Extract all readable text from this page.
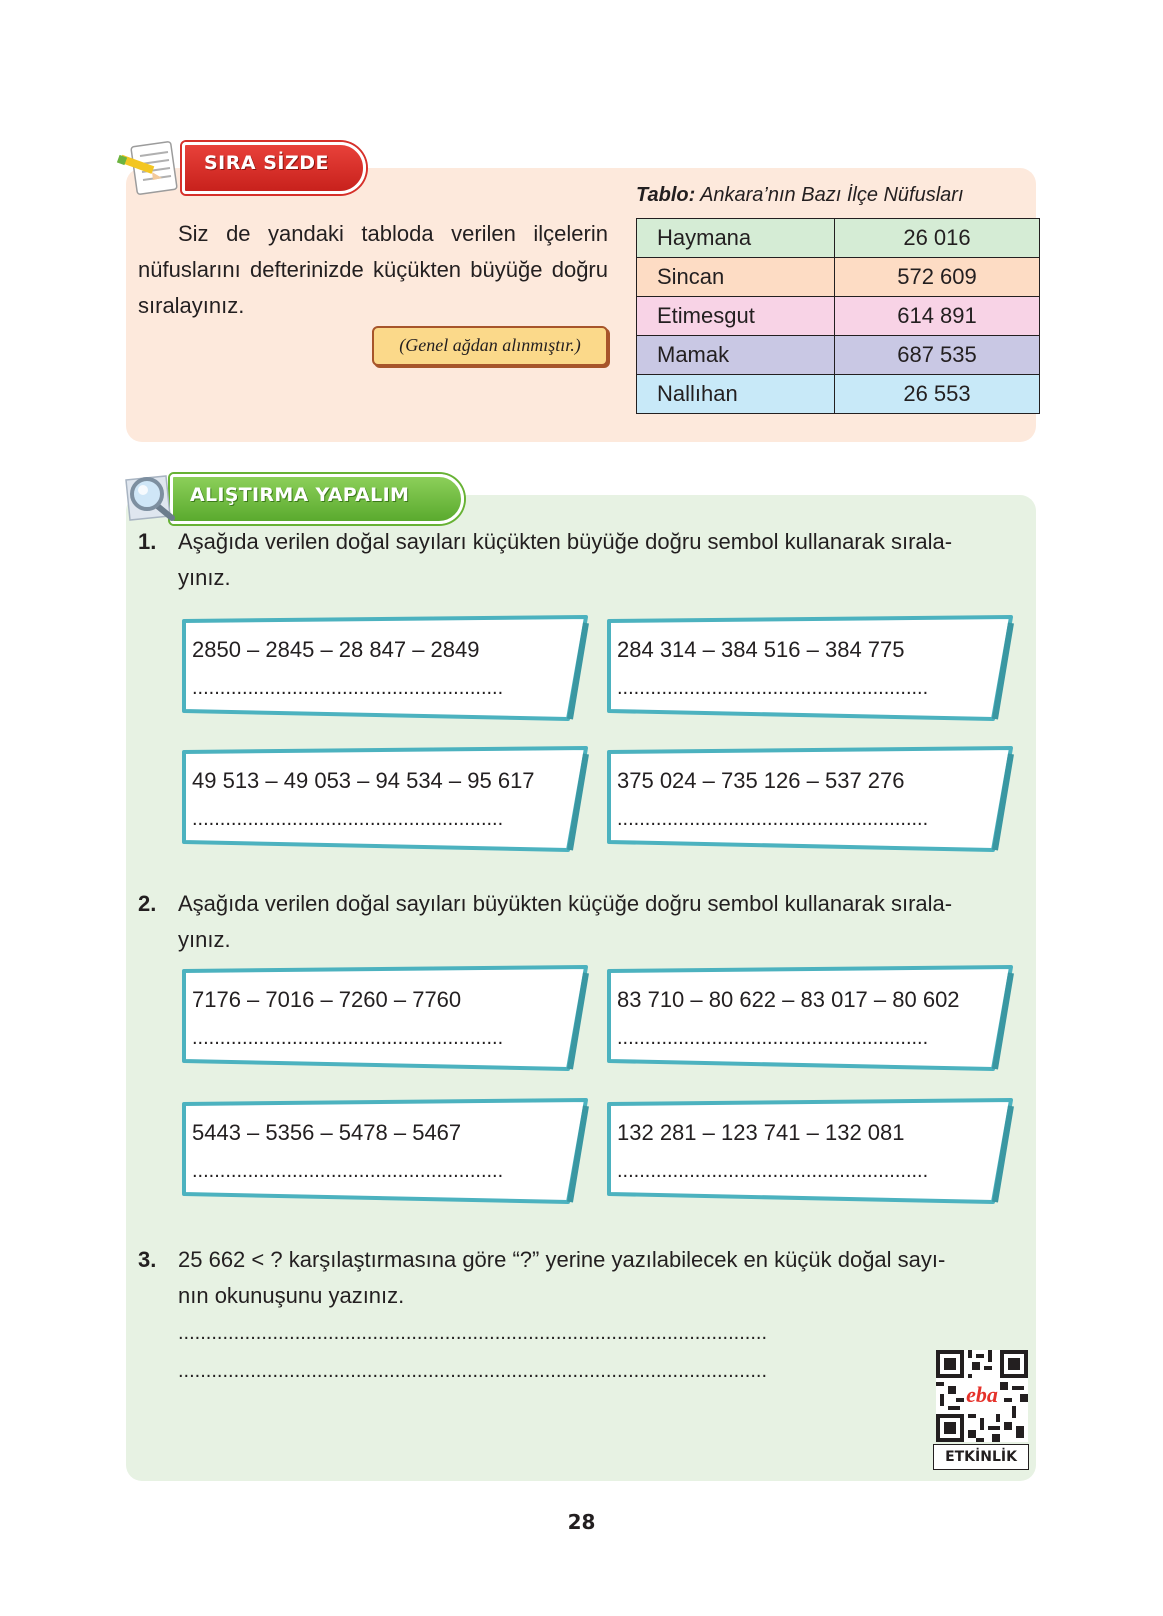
SIRA SİZDE
Siz de yandaki tabloda verilen ilçelerin nüfuslarını defterinizde küçükten büyüğe doğru sıralayınız.
(Genel ağdan alınmıştır.)
Tablo: Ankara’nın Bazı İlçe Nüfusları
Haymana	26 016
Sincan	572 609
Etimesgut	614 891
Mamak	687 535
Nallıhan	26 553
ALIŞTIRMA YAPALIM
1. Aşağıda verilen doğal sayıları küçükten büyüğe doğru sembol kullanarak sırala-
yınız.
2850 – 2845 – 28 847 – 2849
........................................................
284 314 – 384 516 – 384 775
........................................................
49 513 – 49 053 – 94 534 – 95 617
........................................................
375 024 – 735 126 – 537 276
........................................................
2. Aşağıda verilen doğal sayıları büyükten küçüğe doğru sembol kullanarak sırala-
yınız.
7176 – 7016 – 7260 – 7760
........................................................
83 710 – 80 622 – 83 017 – 80 602
........................................................
5443 – 5356 – 5478 – 5467
........................................................
132 281 – 123 741 – 132 081
........................................................
3. 25 662 < ? karşılaştırmasına göre “?” yerine yazılabilecek en küçük doğal sayı-
nın okunuşunu yazınız.
..........................................................................................................
..........................................................................................................
eba
ETKİNLİK
28
